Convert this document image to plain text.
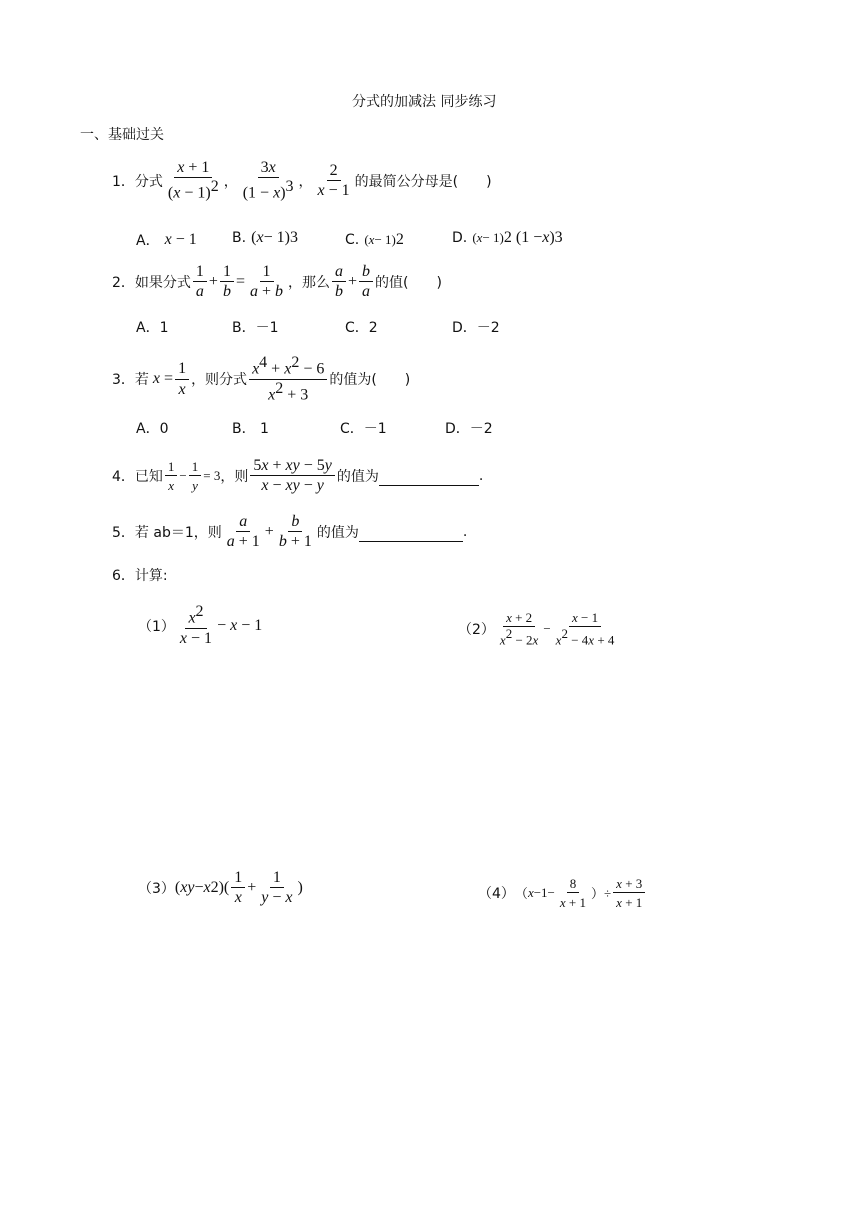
分式的加减法 同步练习
一、基础过关
1． 分式 $\frac{x + 1}{(x - 1)^2}$ ， $\frac{3x}{(1 - x)^3}$ ， $\frac{2}{x - 1}$ 的最简公分母是(　　)
A．
x − 1	B.
( x − 1) 3	C.
( x − 1) 2	D.
( x − 1) 2 (1 − x ) 3
2． 如果分式 $\frac{1}{a} + \frac{1}{b} = \frac{1}{a + b}$ ，那么 $\frac{a}{b} + \frac{b}{a}$ 的值(　　)
A．1	B．－1	C．2	D．－2
3． 若 $x = \frac{1}{x}$ ，则分式 $\frac{x^4 + x^2 - 6}{x^2 + 3}$ 的值为(　　)
A．0	B． 1	C．－1	D．－2
4． 已知 $\frac{1}{x} - \frac{1}{y} = 3$ ，则 $\frac{5x + xy - 5y}{x - xy - y}$ 的值为
	.
5． 若 ab＝1，则 $\frac{a}{a + 1} + \frac{b}{b + 1}$ 的值为
	.
6． 计算:
$(1) \frac{x^2}{x - 1} - x - 1$	$(2) \frac{x + 2}{x^2 - 2x} - \frac{x - 1}{x^2 - 4x + 4}$
（3） ( xy − x 2 )( $\frac{1}{x} + \frac{1}{y - x}$ )	（4） （ $x -1- \frac{8}{x + 1}$ ）÷ $\frac{x + 3}{x + 1}$
